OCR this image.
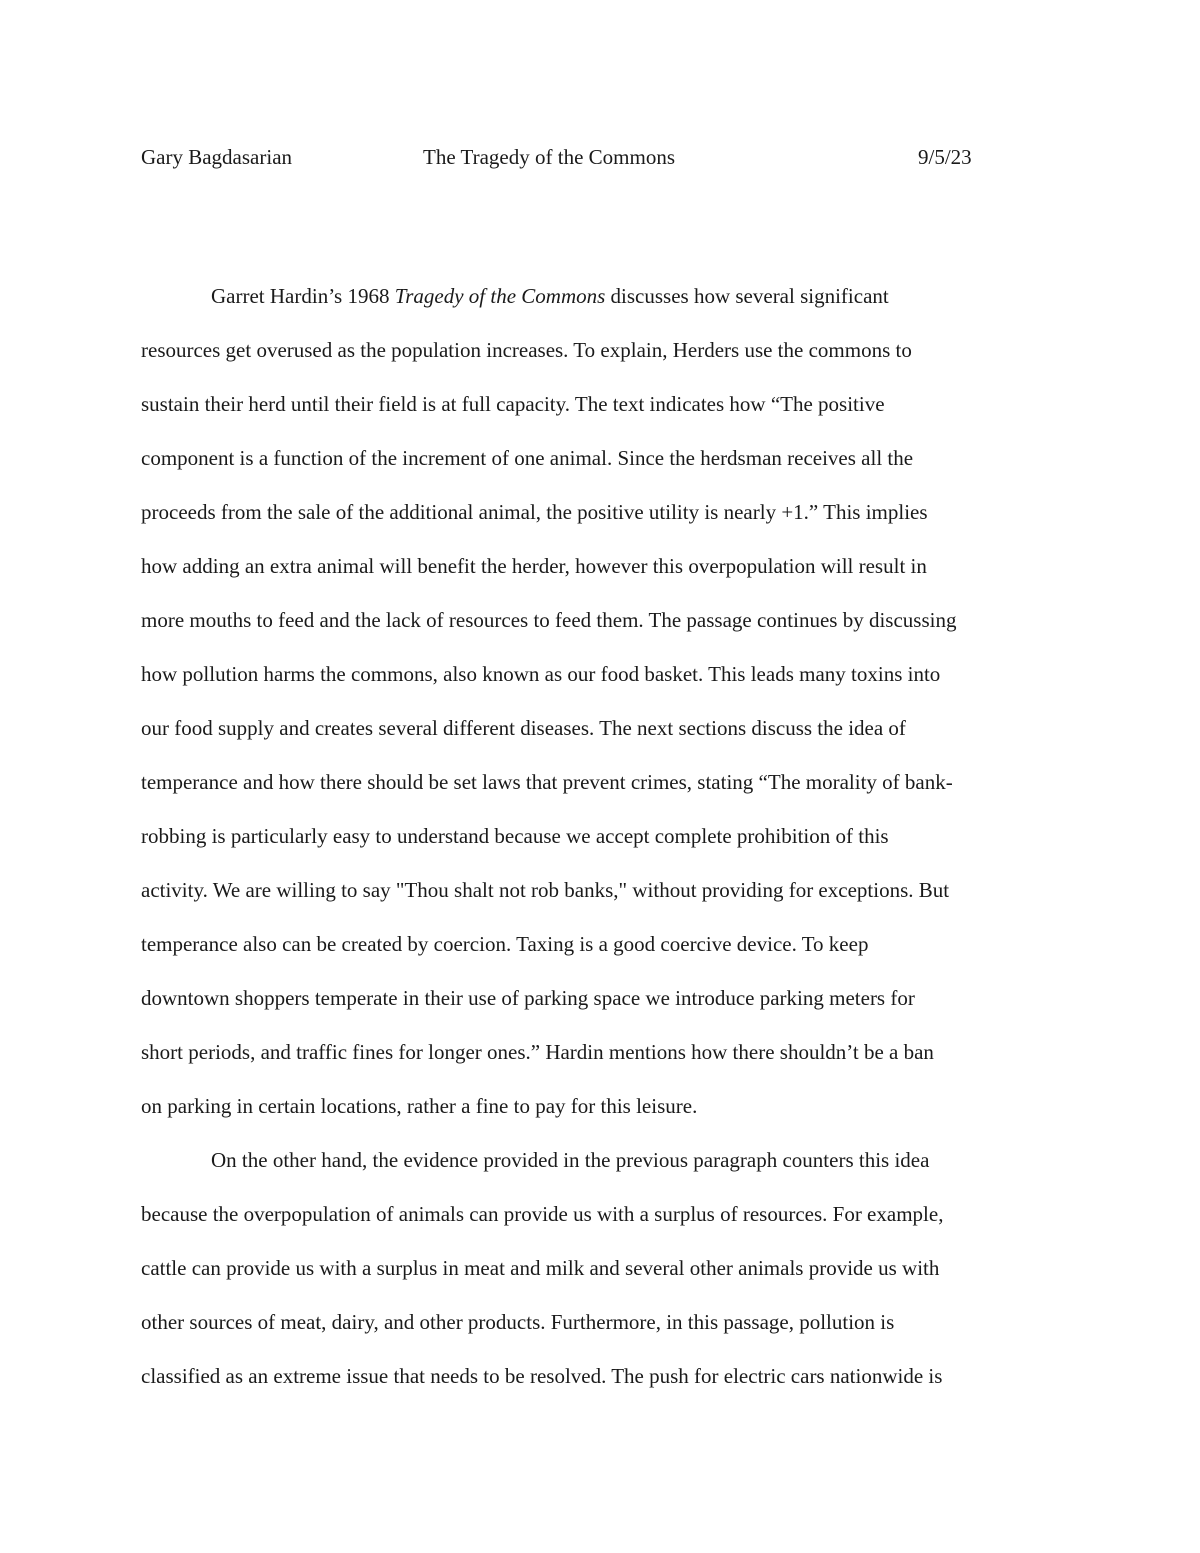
Gary Bagdasarian	The Tragedy of the Commons	9/5/23
Garret Hardin’s 1968 Tragedy of the Commons discusses how several significant
resources get overused as the population increases. To explain, Herders use the commons to
sustain their herd until their field is at full capacity. The text indicates how “The positive
component is a function of the increment of one animal. Since the herdsman receives all the
proceeds from the sale of the additional animal, the positive utility is nearly +1.” This implies
how adding an extra animal will benefit the herder, however this overpopulation will result in
more mouths to feed and the lack of resources to feed them. The passage continues by discussing
how pollution harms the commons, also known as our food basket. This leads many toxins into
our food supply and creates several different diseases. The next sections discuss the idea of
temperance and how there should be set laws that prevent crimes, stating “The morality of bank-
robbing is particularly easy to understand because we accept complete prohibition of this
activity. We are willing to say "Thou shalt not rob banks," without providing for exceptions. But
temperance also can be created by coercion. Taxing is a good coercive device. To keep
downtown shoppers temperate in their use of parking space we introduce parking meters for
short periods, and traffic fines for longer ones.” Hardin mentions how there shouldn’t be a ban
on parking in certain locations, rather a fine to pay for this leisure.
On the other hand, the evidence provided in the previous paragraph counters this idea
because the overpopulation of animals can provide us with a surplus of resources. For example,
cattle can provide us with a surplus in meat and milk and several other animals provide us with
other sources of meat, dairy, and other products. Furthermore, in this passage, pollution is
classified as an extreme issue that needs to be resolved. The push for electric cars nationwide is
